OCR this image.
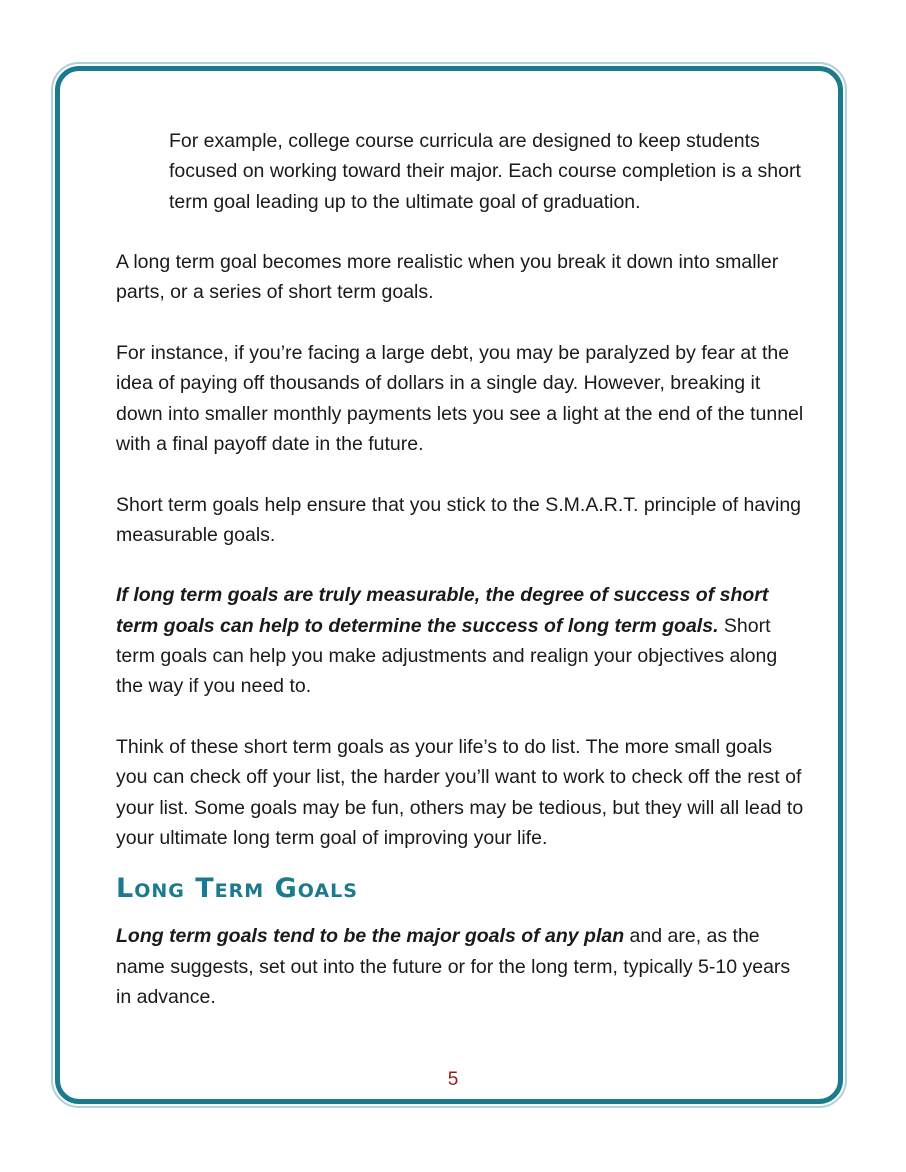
For example, college course curricula are designed to keep students focused on working toward their major. Each course completion is a short term goal leading up to the ultimate goal of graduation.

A long term goal becomes more realistic when you break it down into smaller parts, or a series of short term goals.

For instance, if you’re facing a large debt, you may be paralyzed by fear at the idea of paying off thousands of dollars in a single day. However, breaking it down into smaller monthly payments lets you see a light at the end of the tunnel with a final payoff date in the future.

Short term goals help ensure that you stick to the S.M.A.R.T. principle of having measurable goals.

If long term goals are truly measurable, the degree of success of short term goals can help to determine the success of long term goals. Short term goals can help you make adjustments and realign your objectives along the way if you need to.

Think of these short term goals as your life’s to do list. The more small goals you can check off your list, the harder you’ll want to work to check off the rest of your list. Some goals may be fun, others may be tedious, but they will all lead to your ultimate long term goal of improving your life.

Long Term Goals

Long term goals tend to be the major goals of any plan and are, as the name suggests, set out into the future or for the long term, typically 5-10 years in advance.

5
